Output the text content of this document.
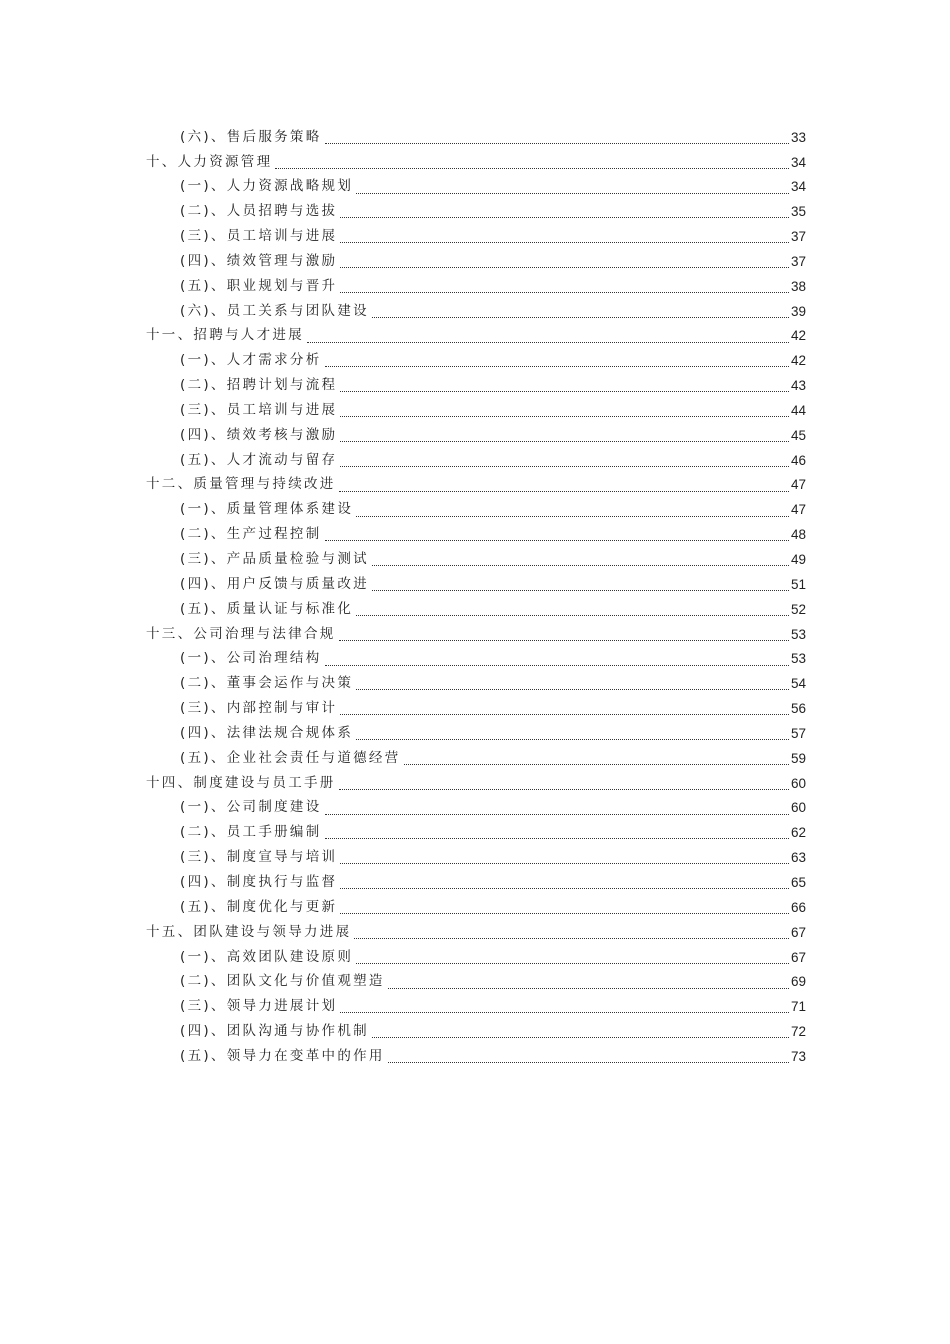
(六)、售后服务策略	33
十、人力资源管理	34
(一)、人力资源战略规划	34
(二)、人员招聘与选拔	35
(三)、员工培训与进展	37
(四)、绩效管理与激励	37
(五)、职业规划与晋升	38
(六)、员工关系与团队建设	39
十一、招聘与人才进展	42
(一)、人才需求分析	42
(二)、招聘计划与流程	43
(三)、员工培训与进展	44
(四)、绩效考核与激励	45
(五)、人才流动与留存	46
十二、质量管理与持续改进	47
(一)、质量管理体系建设	47
(二)、生产过程控制	48
(三)、产品质量检验与测试	49
(四)、用户反馈与质量改进	51
(五)、质量认证与标准化	52
十三、公司治理与法律合规	53
(一)、公司治理结构	53
(二)、董事会运作与决策	54
(三)、内部控制与审计	56
(四)、法律法规合规体系	57
(五)、企业社会责任与道德经营	59
十四、制度建设与员工手册	60
(一)、公司制度建设	60
(二)、员工手册编制	62
(三)、制度宣导与培训	63
(四)、制度执行与监督	65
(五)、制度优化与更新	66
十五、团队建设与领导力进展	67
(一)、高效团队建设原则	67
(二)、团队文化与价值观塑造	69
(三)、领导力进展计划	71
(四)、团队沟通与协作机制	72
(五)、领导力在变革中的作用	73
